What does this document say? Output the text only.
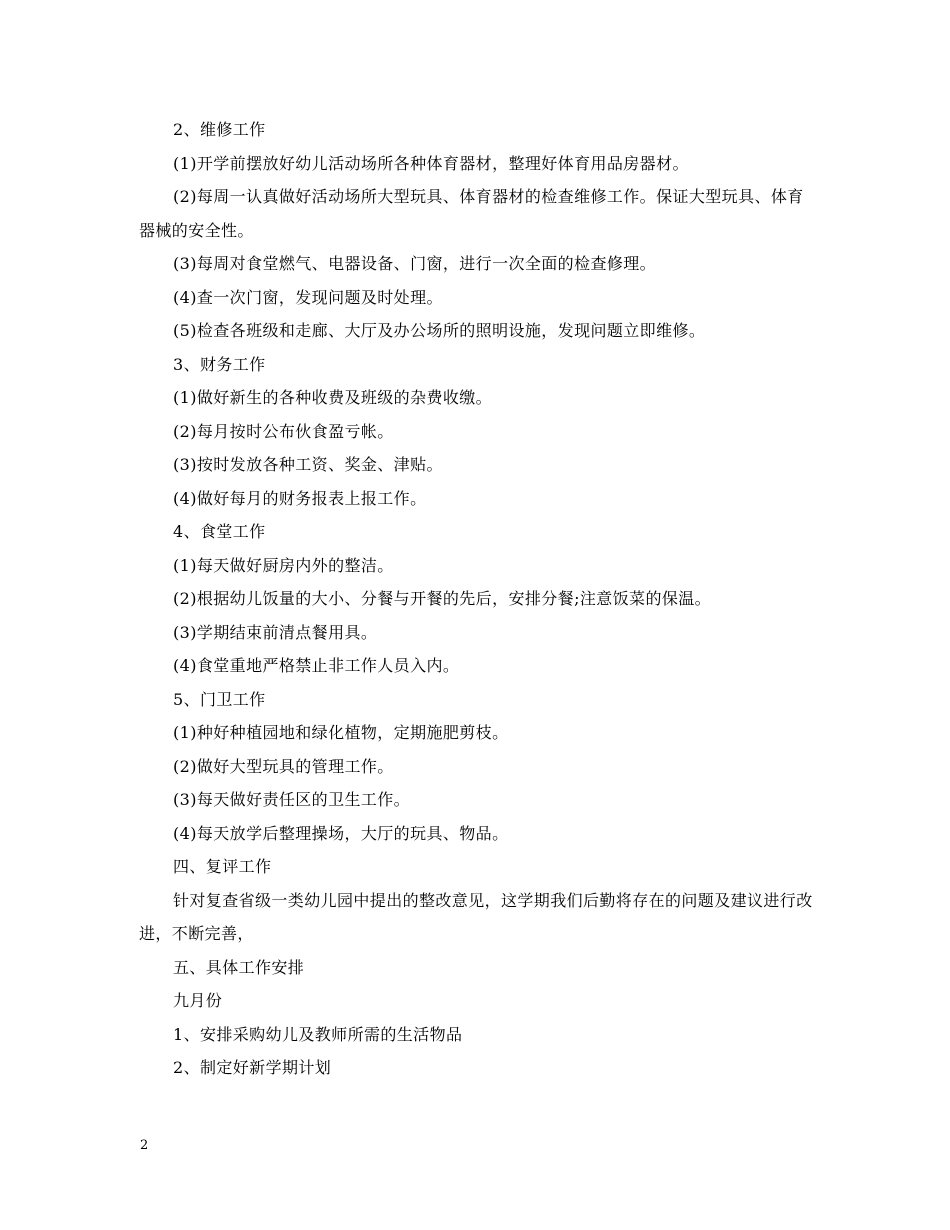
2、维修工作

(1)开学前摆放好幼儿活动场所各种体育器材，整理好体育用品房器材。

(2)每周一认真做好活动场所大型玩具、体育器材的检查维修工作。保证大型玩具、体育器械的安全性。

(3)每周对食堂燃气、电器设备、门窗，进行一次全面的检查修理。

(4)查一次门窗，发现问题及时处理。

(5)检查各班级和走廊、大厅及办公场所的照明设施，发现问题立即维修。

3、财务工作

(1)做好新生的各种收费及班级的杂费收缴。

(2)每月按时公布伙食盈亏帐。

(3)按时发放各种工资、奖金、津贴。

(4)做好每月的财务报表上报工作。

4、食堂工作

(1)每天做好厨房内外的整洁。

(2)根据幼儿饭量的大小、分餐与开餐的先后，安排分餐;注意饭菜的保温。

(3)学期结束前清点餐用具。

(4)食堂重地严格禁止非工作人员入内。

5、门卫工作

(1)种好种植园地和绿化植物，定期施肥剪枝。

(2)做好大型玩具的管理工作。

(3)每天做好责任区的卫生工作。

(4)每天放学后整理操场，大厅的玩具、物品。

四、复评工作

针对复查省级一类幼儿园中提出的整改意见，这学期我们后勤将存在的问题及建议进行改进，不断完善，

五、具体工作安排

九月份

1、安排采购幼儿及教师所需的生活物品

2、制定好新学期计划

2
